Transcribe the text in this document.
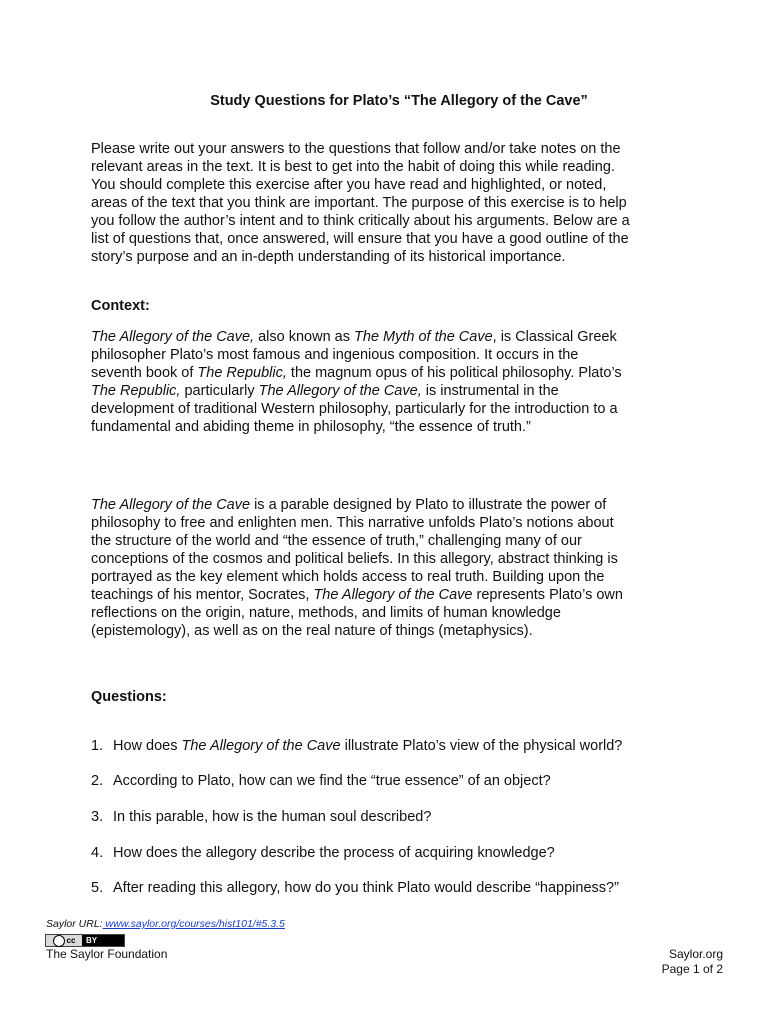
Study Questions for Plato’s “The Allegory of the Cave”

Please write out your answers to the questions that follow and/or take notes on the relevant areas in the text. It is best to get into the habit of doing this while reading. You should complete this exercise after you have read and highlighted, or noted, areas of the text that you think are important. The purpose of this exercise is to help you follow the author’s intent and to think critically about his arguments. Below are a list of questions that, once answered, will ensure that you have a good outline of the story’s purpose and an in-depth understanding of its historical importance.

Context:

The Allegory of the Cave, also known as The Myth of the Cave, is Classical Greek philosopher Plato’s most famous and ingenious composition. It occurs in the seventh book of The Republic, the magnum opus of his political philosophy. Plato’s The Republic, particularly The Allegory of the Cave, is instrumental in the development of traditional Western philosophy, particularly for the introduction to a fundamental and abiding theme in philosophy, “the essence of truth.”

The Allegory of the Cave is a parable designed by Plato to illustrate the power of philosophy to free and enlighten men. This narrative unfolds Plato’s notions about the structure of the world and “the essence of truth,” challenging many of our conceptions of the cosmos and political beliefs. In this allegory, abstract thinking is portrayed as the key element which holds access to real truth. Building upon the teachings of his mentor, Socrates, The Allegory of the Cave represents Plato’s own reflections on the origin, nature, methods, and limits of human knowledge (epistemology), as well as on the real nature of things (metaphysics).

Questions:

1. How does The Allegory of the Cave illustrate Plato’s view of the physical world?

2. According to Plato, how can we find the “true essence” of an object?

3. In this parable, how is the human soul described?

4. How does the allegory describe the process of acquiring knowledge?

5. After reading this allegory, how do you think Plato would describe “happiness?”

Saylor URL: www.saylor.org/courses/hist101/#5.3.5
cc	BY
The Saylor Foundation	Saylor.org
Page 1 of 2
